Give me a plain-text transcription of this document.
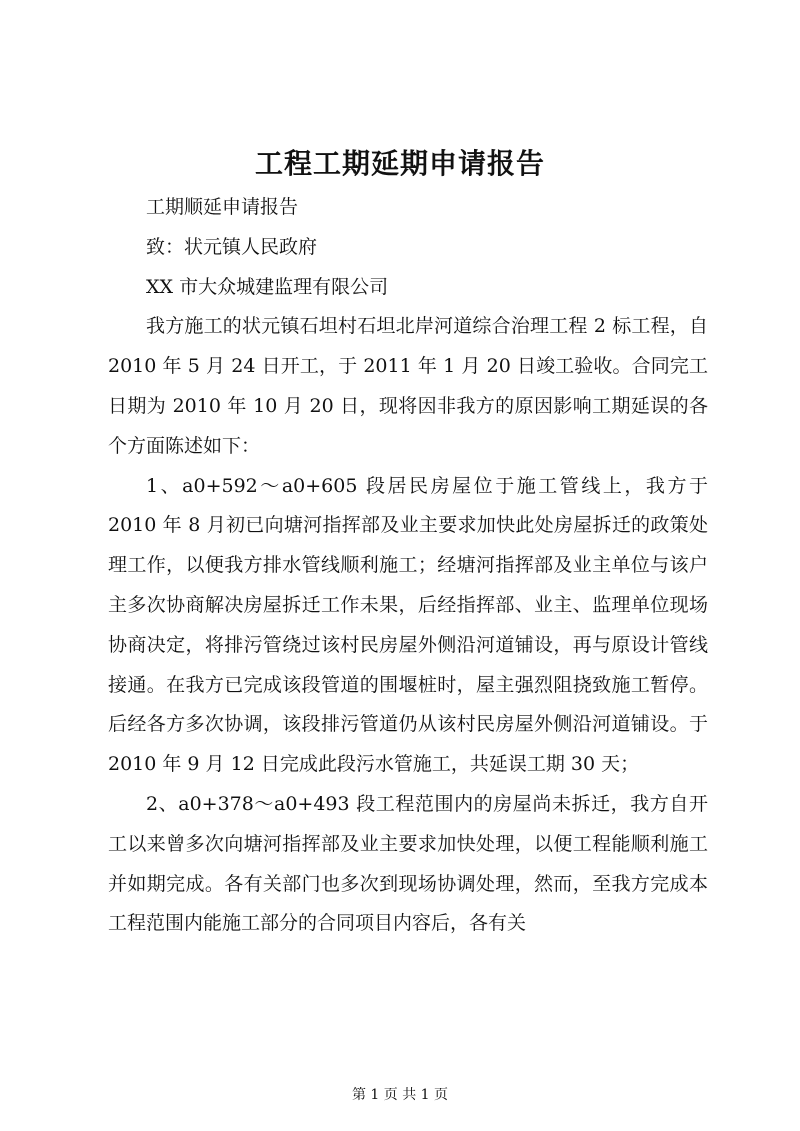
工程工期延期申请报告

工期顺延申请报告

致：状元镇人民政府

XX 市大众城建监理有限公司

我方施工的状元镇石坦村石坦北岸河道综合治理工程 2 标工程，自 2010 年 5 月 24 日开工，于 2011 年 1 月 20 日竣工验收。合同完工日期为 2010 年 10 月 20 日，现将因非我方的原因影响工期延误的各个方面陈述如下：

1、a0+592～a0+605 段居民房屋位于施工管线上，我方于 2010 年 8 月初已向塘河指挥部及业主要求加快此处房屋拆迁的政策处理工作，以便我方排水管线顺利施工；经塘河指挥部及业主单位与该户主多次协商解决房屋拆迁工作未果，后经指挥部、业主、监理单位现场协商决定，将排污管绕过该村民房屋外侧沿河道铺设，再与原设计管线接通。在我方已完成该段管道的围堰桩时，屋主强烈阻挠致施工暂停。后经各方多次协调，该段排污管道仍从该村民房屋外侧沿河道铺设。于 2010 年 9 月 12 日完成此段污水管施工，共延误工期 30 天；

2、a0+378～a0+493 段工程范围内的房屋尚未拆迁，我方自开工以来曾多次向塘河指挥部及业主要求加快处理，以便工程能顺利施工并如期完成。各有关部门也多次到现场协调处理，然而，至我方完成本工程范围内能施工部分的合同项目内容后，各有关

第 1 页 共 1 页
